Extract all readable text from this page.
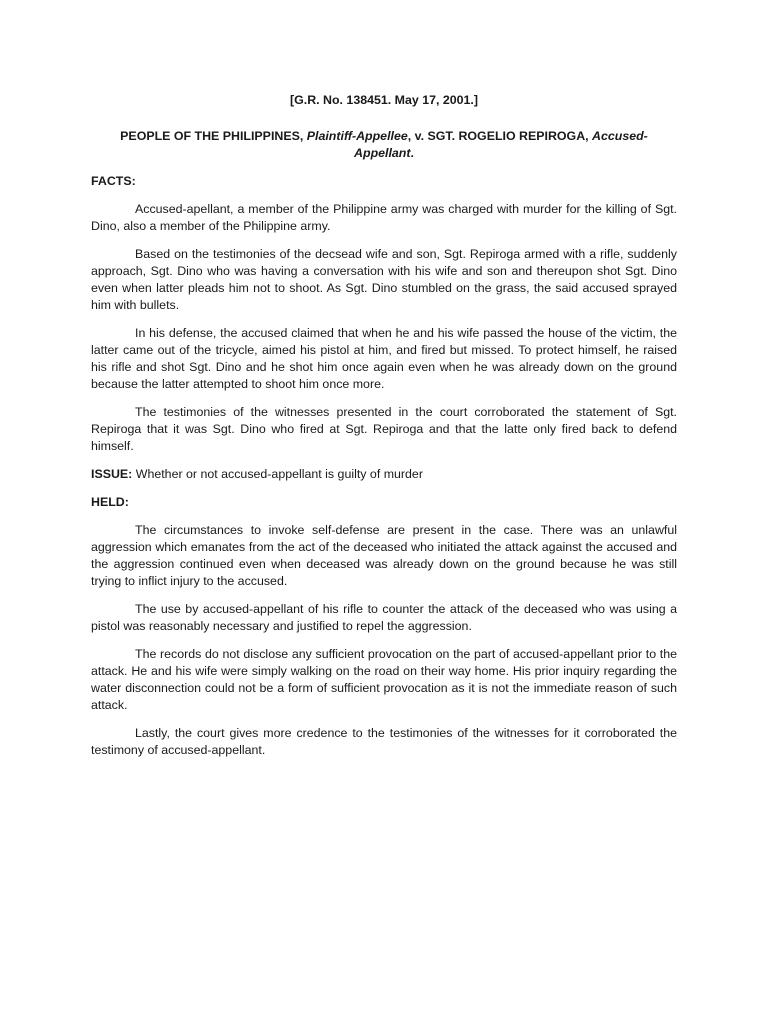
[G.R. No. 138451. May 17, 2001.]

PEOPLE OF THE PHILIPPINES, Plaintiff-Appellee, v. SGT. ROGELIO REPIROGA, Accused-Appellant.

FACTS:

Accused-apellant, a member of the Philippine army was charged with murder for the killing of Sgt. Dino, also a member of the Philippine army.

Based on the testimonies of the decsead wife and son, Sgt. Repiroga armed with a rifle, suddenly approach, Sgt. Dino who was having a conversation with his wife and son and thereupon shot Sgt. Dino even when latter pleads him not to shoot. As Sgt. Dino stumbled on the grass, the said accused sprayed him with bullets.

In his defense, the accused claimed that when he and his wife passed the house of the victim, the latter came out of the tricycle, aimed his pistol at him, and fired but missed. To protect himself, he raised his rifle and shot Sgt. Dino and he shot him once again even when he was already down on the ground because the latter attempted to shoot him once more.

The testimonies of the witnesses presented in the court corroborated the statement of Sgt. Repiroga that it was Sgt. Dino who fired at Sgt. Repiroga and that the latte only fired back to defend himself.

ISSUE: Whether or not accused-appellant is guilty of murder

HELD:

The circumstances to invoke self-defense are present in the case. There was an unlawful aggression which emanates from the act of the deceased who initiated the attack against the accused and the aggression continued even when deceased was already down on the ground because he was still trying to inflict injury to the accused.

The use by accused-appellant of his rifle to counter the attack of the deceased who was using a pistol was reasonably necessary and justified to repel the aggression.

The records do not disclose any sufficient provocation on the part of accused-appellant prior to the attack. He and his wife were simply walking on the road on their way home. His prior inquiry regarding the water disconnection could not be a form of sufficient provocation as it is not the immediate reason of such attack.

Lastly, the court gives more credence to the testimonies of the witnesses for it corroborated the testimony of accused-appellant.
